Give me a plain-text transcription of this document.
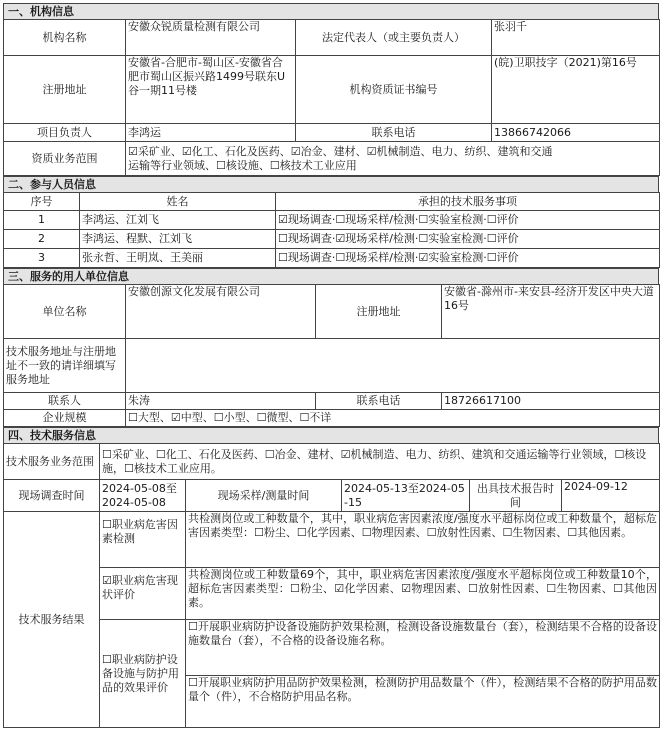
一、机构信息
机构名称	安徽众锐质量检测有限公司	法定代表人（或主要负责人）	张羽千
注册地址	安徽省-合肥市-蜀山区-安徽省合肥市蜀山区振兴路1499号联东U谷一期11号楼	机构资质证书编号	(皖)卫职技字（2021)第16号
项目负责人	李鸿运	联系电话	13866742066
资质业务范围	☑采矿业、☑化工、石化及医药、☑冶金、建材、☑机械制造、电力、纺织、建筑和交通
运输等行业领域、☐核设施、☐核技术工业应用		
二、参与人员信息
序号	姓名	承担的技术服务事项
1	李鸿运、江刘飞	☑现场调查·☐现场采样/检测·☐实验室检测·☐评价
2	李鸿运、程默、江刘飞	☐现场调查·☑现场采样/检测·☐实验室检测·☐评价
3	张永哲、王明岚、王美丽	☐现场调查·☐现场采样/检测·☑实验室检测·☐评价
三、服务的用人单位信息
单位名称	安徽创源文化发展有限公司	注册地址	安徽省-滁州市-来安县-经济开发区中央大道16号
技术服务地址与注册地址不一致的请详细填写服务地址			
联系人	朱涛	联系电话	18726617100
企业规模	☐大型、☑中型、☐小型、☐微型、☐不详		
四、技术服务信息
技术服务业务范围	☐采矿业、☐化工、石化及医药、☐冶金、建材、☑机械制造、电力、纺织、建筑和交通运输等行业领域，☐核设施，☐核技术工业应用。				
现场调查时间	2024-05-08至2024-05-08	现场采样/测量时间	2024-05-13至2024-05-15	出具技术报告时间	2024-09-12
技术服务结果	☐职业病危害因素检测	共检测岗位或工种数量个，其中，职业病危害因素浓度/强度水平超标岗位或工种数量个，超标危害因素类型：☐粉尘、☐化学因素、☐物理因素、☐放射性因素、☐生物因素、☐其他因素。			
	☑职业病危害现状评价	共检测岗位或工种数量69个，其中，职业病危害因素浓度/强度水平超标岗位或工种数量10个，超标危害因素类型：☐粉尘、☑化学因素、☑物理因素、☐放射性因素、☐生物因素、☐其他因素。			
	☐职业病防护设备设施与防护用品的效果评价	☐开展职业病防护设备设施防护效果检测，检测设备设施数量台（套），检测结果不合格的设备设施数量台（套），不合格的设备设施名称。			
		☐开展职业病防护用品防护效果检测，检测防护用品数量个（件），检测结果不合格的防护用品数量个（件），不合格防护用品名称。			
